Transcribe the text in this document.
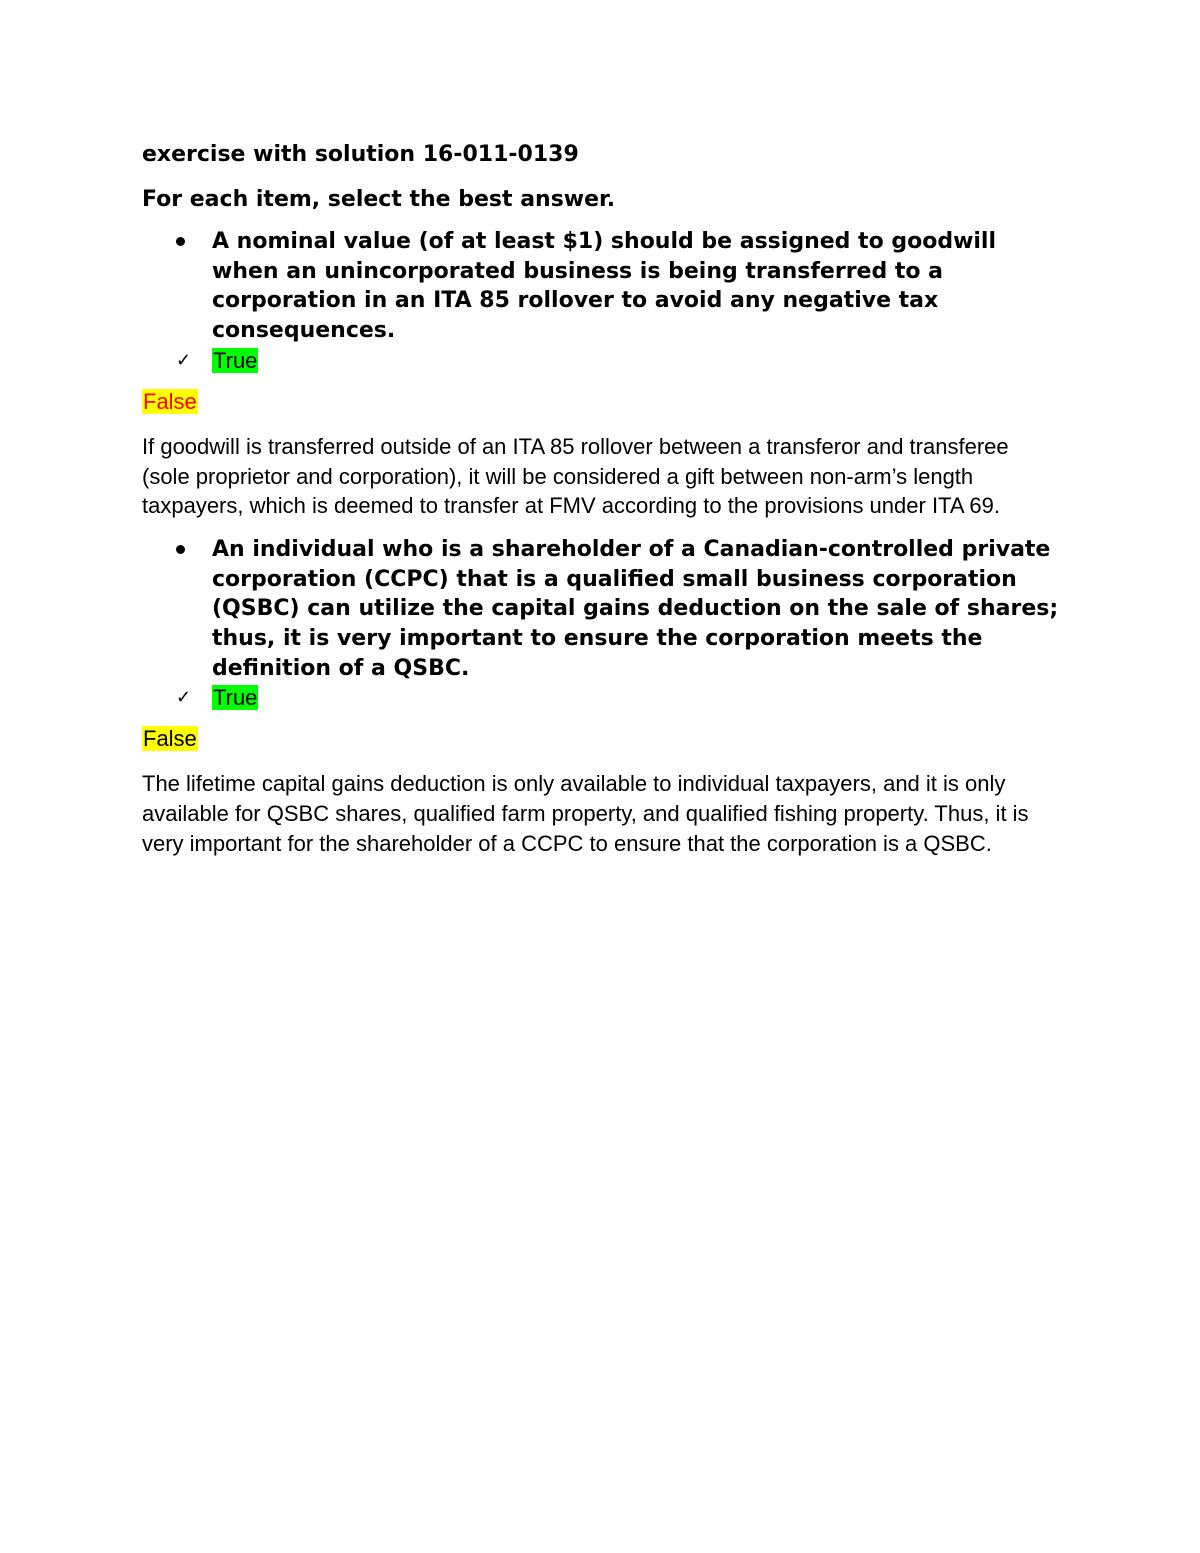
exercise with solution 16-011-0139

For each item, select the best answer.

A nominal value (of at least $1) should be assigned to goodwill when an unincorporated business is being transferred to a corporation in an ITA 85 rollover to avoid any negative tax consequences.

✓ True

False

If goodwill is transferred outside of an ITA 85 rollover between a transferor and transferee (sole proprietor and corporation), it will be considered a gift between non-arm’s length taxpayers, which is deemed to transfer at FMV according to the provisions under ITA 69.

An individual who is a shareholder of a Canadian-controlled private corporation (CCPC) that is a qualified small business corporation (QSBC) can utilize the capital gains deduction on the sale of shares; thus, it is very important to ensure the corporation meets the definition of a QSBC.

✓ True

False

The lifetime capital gains deduction is only available to individual taxpayers, and it is only available for QSBC shares, qualified farm property, and qualified fishing property. Thus, it is very important for the shareholder of a CCPC to ensure that the corporation is a QSBC.
